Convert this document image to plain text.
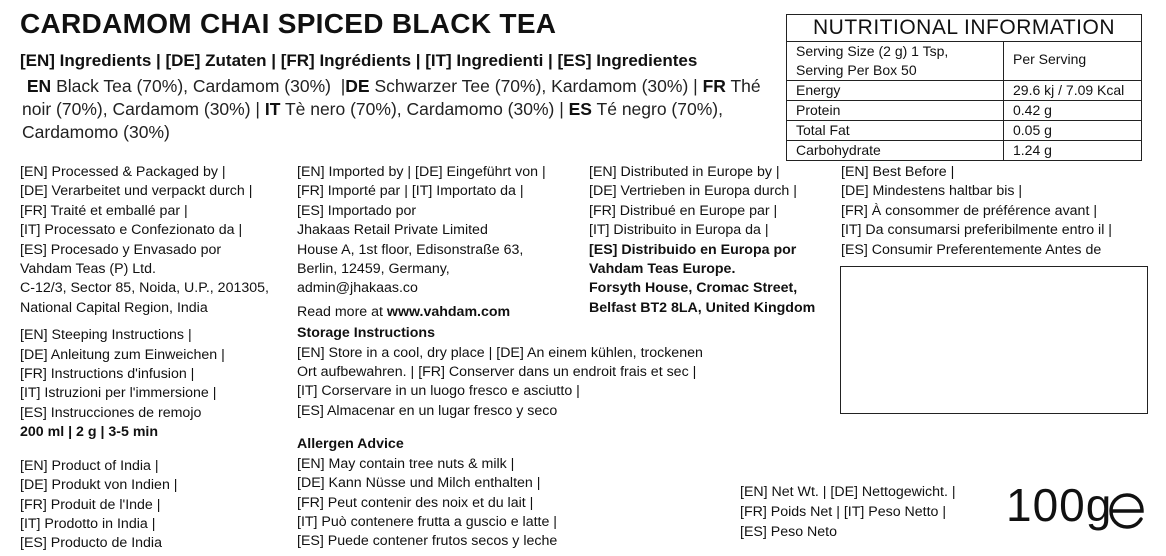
CARDAMOM CHAI SPICED BLACK TEA
[EN] Ingredients | [DE] Zutaten | [FR] Ingrédients | [IT] Ingredienti | [ES] Ingredientes
EN Black Tea (70%), Cardamom (30%)  |DE Schwarzer Tee (70%), Kardamom (30%) | FR Thé noir (70%), Cardamom (30%) | IT Tè nero (70%), Cardamomo (30%) | ES Té negro (70%), Cardamomo (30%)
NUTRITIONAL INFORMATION
Serving Size (2 g) 1 Tsp,
Serving Per Box 50	Per Serving
Energy	29.6 kj / 7.09 Kcal
Protein	0.42 g
Total Fat	0.05 g
Carbohydrate	1.24 g
[EN] Processed & Packaged by |
[DE] Verarbeitet und verpackt durch |
[FR] Traité et emballé par |
[IT] Processato e Confezionato da |
[ES] Procesado y Envasado por
Vahdam Teas (P) Ltd.
C-12/3, Sector 85, Noida, U.P., 201305,
National Capital Region, India
[EN] Steeping Instructions |
[DE] Anleitung zum Einweichen |
[FR] Instructions d'infusion |
[IT] Istruzioni per l'immersione |
[ES] Instrucciones de remojo
200 ml | 2 g | 3-5 min
[EN] Product of India |
[DE] Produkt von Indien |
[FR] Produit de l'Inde |
[IT] Prodotto in India |
[ES] Producto de India
[EN] Imported by | [DE] Eingeführt von |
[FR] Importé par | [IT] Importato da |
[ES] Importado por
Jhakaas Retail Private Limited
House A, 1st floor, Edisonstraße 63,
Berlin, 12459, Germany,
admin@jhakaas.co
Read more at www.vahdam.com
Storage Instructions
[EN] Store in a cool, dry place | [DE] An einem kühlen, trockenen
Ort aufbewahren. | [FR] Conserver dans un endroit frais et sec |
[IT] Corservare in un luogo fresco e asciutto |
[ES] Almacenar en un lugar fresco y seco
Allergen Advice
[EN] May contain tree nuts & milk |
[DE] Kann Nüsse und Milch enthalten |
[FR] Peut contenir des noix et du lait |
[IT] Può contenere frutta a guscio e latte |
[ES] Puede contener frutos secos y leche
[EN] Distributed in Europe by |
[DE] Vertrieben in Europa durch |
[FR] Distribué en Europe par |
[IT] Distribuito in Europa da |
[ES] Distribuido en Europa por
Vahdam Teas Europe.
Forsyth House, Cromac Street,
Belfast BT2 8LA, United Kingdom
[EN] Best Before |
[DE] Mindestens haltbar bis |
[FR] À consommer de préférence avant |
[IT] Da consumarsi preferibilmente entro il |
[ES] Consumir Preferentemente Antes de
[EN] Net Wt. | [DE] Nettogewicht. |
[FR] Poids Net | [IT] Peso Netto |
[ES] Peso Neto
100g
